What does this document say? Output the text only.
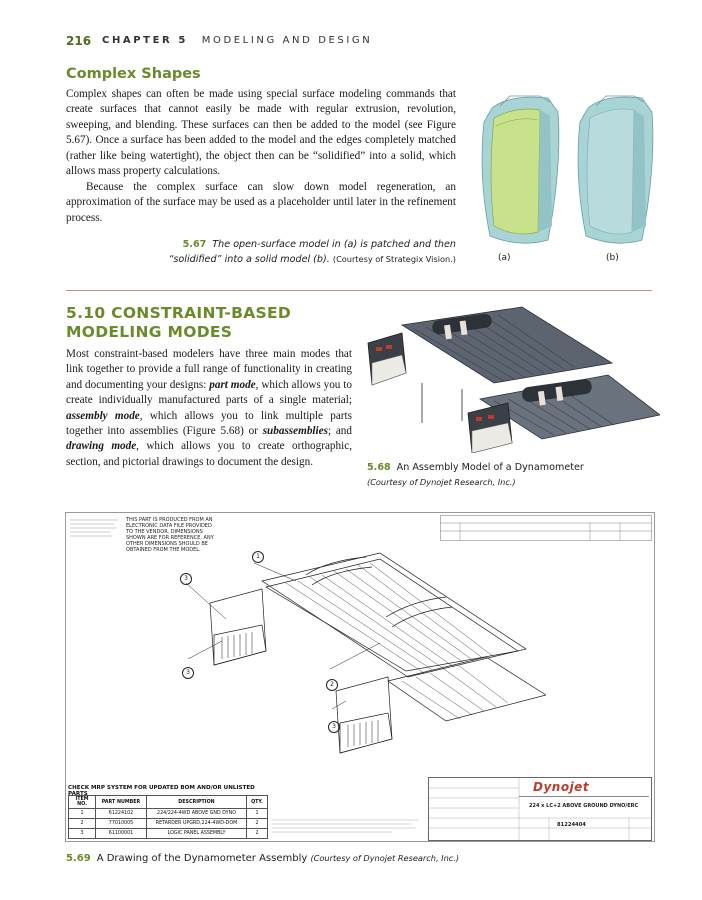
216 CHAPTER 5 MODELING AND DESIGN
Complex Shapes
Complex shapes can often be made using special surface modeling commands that create surfaces that cannot easily be made with regular extrusion, revolution, sweeping, and blending. These surfaces can then be added to the model (see Figure 5.67). Once a surface has been added to the model and the edges completely matched (rather like being watertight), the object then can be “solidified” into a solid, which allows mass property calculations.
Because the complex surface can slow down model regeneration, an approximation of the surface may be used as a placeholder until later in the refinement process.
(a)	(b)
5.67 The open-surface model in (a) is patched and then
“solidified” into a solid model (b). (Courtesy of Strategix Vision.)
5.10 CONSTRAINT-BASED
MODELING MODES
Most constraint-based modelers have three main modes that link together to provide a full range of functionality in creating and documenting your designs: part mode, which allows you to create individually manufactured parts of a single material; assembly mode, which allows you to link multiple parts together into assemblies (Figure 5.68) or subassemblies; and drawing mode, which allows you to create orthographic, section, and pictorial drawings to document the design.	5.68 An Assembly Model of a Dynamometer
(Courtesy of Dynojet Research, Inc.)
THIS PART IS PRODUCED FROM AN ELECTRONIC DATA FILE PROVIDED TO THE VENDOR. DIMENSIONS SHOWN ARE FOR REFERENCE, ANY OTHER DIMENSIONS SHOULD BE OBTAINED FROM THE MODEL.
1
3
3
2
3
CHECK MRP SYSTEM FOR UPDATED BOM AND/OR UNLISTED PARTS
ITEM NO.	PART NUMBER	DESCRIPTION	QTY.
1	61224102	224/224-4WD ABOVE GND DYNO	1
2	77010005	RETARDER UPGRD,224-4WD-DOM	2
3	61100001	LOGIC PANEL ASSEMBLY	2
Dynojet
224 x LC+2 ABOVE GROUND DYNO/ERC
81224404
5.69 A Drawing of the Dynamometer Assembly (Courtesy of Dynojet Research, Inc.)
